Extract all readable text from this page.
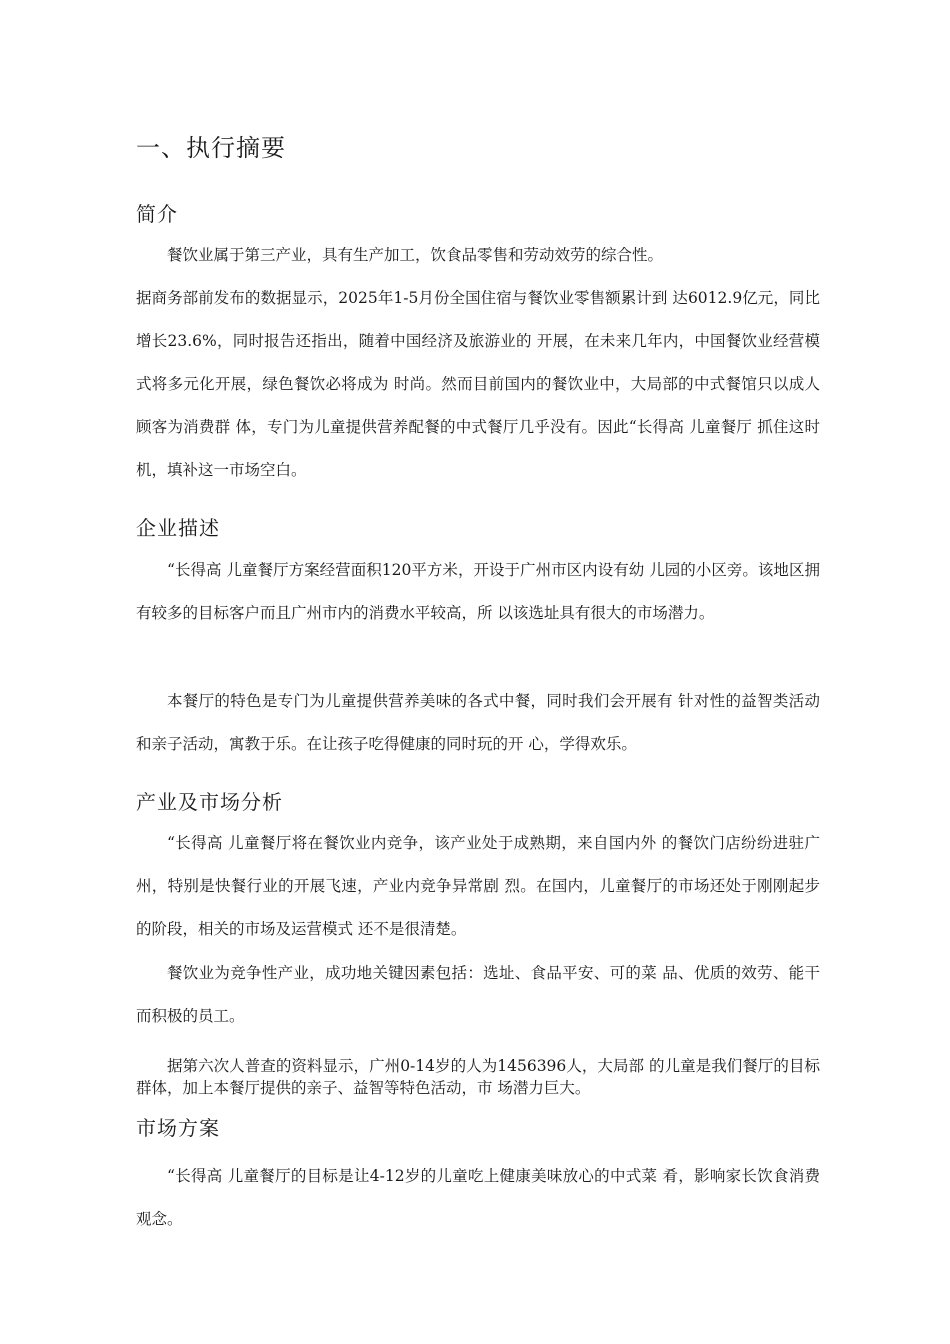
一、执行摘要
简介

餐饮业属于第三产业，具有生产加工，饮食品零售和劳动效劳的综合性。

据商务部前发布的数据显示，2025年1-5月份全国住宿与餐饮业零售额累计到 达6012.9亿元，同比增长23.6%，同时报告还指出，随着中国经济及旅游业的 开展，在未来几年内，中国餐饮业经营模式将多元化开展，绿色餐饮必将成为 时尚。然而目前国内的餐饮业中，大局部的中式餐馆只以成人顾客为消费群 体，专门为儿童提供营养配餐的中式餐厅几乎没有。因此“长得高 儿童餐厅 抓住这时机，填补这一市场空白。

企业描述

“长得高 儿童餐厅方案经营面积120平方米，开设于广州市区内设有幼 儿园的小区旁。该地区拥有较多的目标客户而且广州市内的消费水平较高，所 以该选址具有很大的市场潜力。

本餐厅的特色是专门为儿童提供营养美味的各式中餐，同时我们会开展有 针对性的益智类活动和亲子活动，寓教于乐。在让孩子吃得健康的同时玩的开 心，学得欢乐。

产业及市场分析

“长得高 儿童餐厅将在餐饮业内竞争，该产业处于成熟期，来自国内外 的餐饮门店纷纷进驻广州，特别是快餐行业的开展飞速，产业内竞争异常剧 烈。在国内，儿童餐厅的市场还处于刚刚起步的阶段，相关的市场及运营模式 还不是很清楚。

餐饮业为竞争性产业，成功地关键因素包括：选址、食品平安、可的菜 品、优质的效劳、能干而积极的员工。

据第六次人普查的资料显示，广州0-14岁的人为1456396人，大局部 的儿童是我们餐厅的目标群体，加上本餐厅提供的亲子、益智等特色活动，市 场潜力巨大。

市场方案

“长得高 儿童餐厅的目标是让4-12岁的儿童吃上健康美味放心的中式菜 肴，影响家长饮食消费观念。
